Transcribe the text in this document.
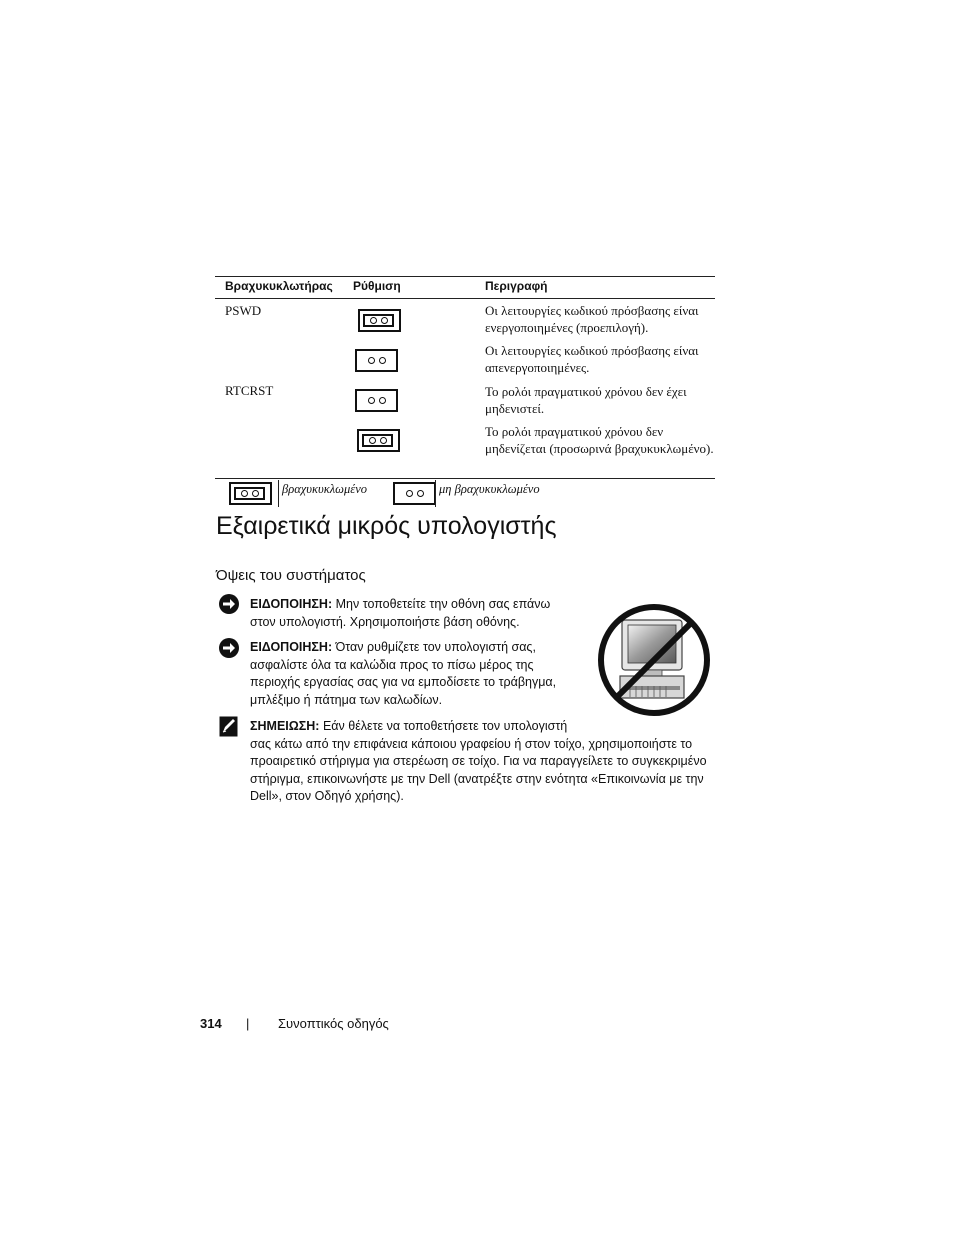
Βραχυκυκλωτήρας Ρύθμιση	Περιγραφή
PSWD	Οι λειτουργίες κωδικού πρόσβασης είναι ενεργοποιημένες (προεπιλογή).
Οι λειτουργίες κωδικού πρόσβασης είναι απενεργοποιημένες.
RTCRST	Το ρολόι πραγματικού χρόνου δεν έχει μηδενιστεί.
Το ρολόι πραγματικού χρόνου δεν μηδενίζεται (προσωρινά βραχυκυκλωμένο).
βραχυκυκλωμένο	μη βραχυκυκλωμένο
Εξαιρετικά μικρός υπολογιστής
Όψεις του συστήματος
ΕΙΔΟΠΟΙΗΣΗ: Μην τοποθετείτε την οθόνη σας επάνω
στον υπολογιστή. Χρησιμοποιήστε βάση οθόνης.
ΕΙΔΟΠΟΙΗΣΗ: Όταν ρυθμίζετε τον υπολογιστή σας,
ασφαλίστε όλα τα καλώδια προς το πίσω μέρος της
περιοχής εργασίας σας για να εμποδίσετε το τράβηγμα,
μπλέξιμο ή πάτημα των καλωδίων.
ΣΗΜΕΙΩΣΗ: Εάν θέλετε να τοποθετήσετε τον υπολογιστή
σας κάτω από την επιφάνεια κάποιου γραφείου ή στον τοίχο, χρησιμοποιήστε το
προαιρετικό στήριγμα για στερέωση σε τοίχο. Για να παραγγείλετε το συγκεκριμένο
στήριγμα, επικοινωνήστε με την Dell (ανατρέξτε στην ενότητα «Επικοινωνία με την
Dell», στον Οδηγό χρήσης).
314 | Συνοπτικός οδηγός
